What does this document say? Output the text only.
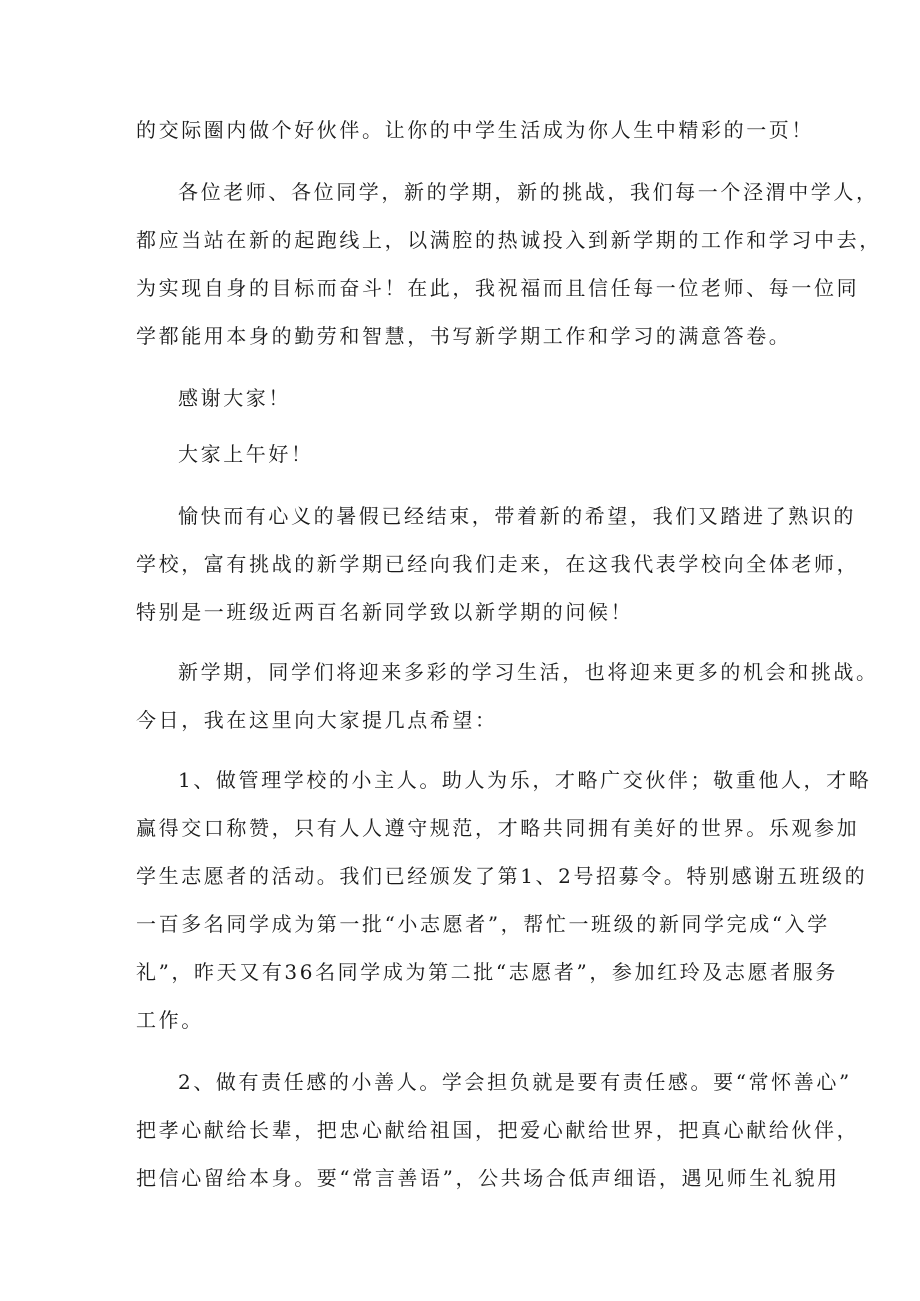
的交际圈内做个好伙伴。让你的中学生活成为你人生中精彩的一页！
各位老师、各位同学，新的学期，新的挑战，我们每一个泾渭中学人，
都应当站在新的起跑线上，以满腔的热诚投入到新学期的工作和学习中去，
为实现自身的目标而奋斗！在此，我祝福而且信任每一位老师、每一位同
学都能用本身的勤劳和智慧，书写新学期工作和学习的满意答卷。
感谢大家！
大家上午好！
愉快而有心义的暑假已经结束，带着新的希望，我们又踏进了熟识的
学校，富有挑战的新学期已经向我们走来，在这我代表学校向全体老师，
特别是一班级近两百名新同学致以新学期的问候！
新学期，同学们将迎来多彩的学习生活，也将迎来更多的机会和挑战。
今日，我在这里向大家提几点希望：
1、做管理学校的小主人。助人为乐，才略广交伙伴；敬重他人，才略
赢得交口称赞，只有人人遵守规范，才略共同拥有美好的世界。乐观参加
学生志愿者的活动。我们已经颁发了第1、2号招募令。特别感谢五班级的
一百多名同学成为第一批“小志愿者”，帮忙一班级的新同学完成“入学
礼”，昨天又有36名同学成为第二批“志愿者”，参加红玲及志愿者服务
工作。
2、做有责任感的小善人。学会担负就是要有责任感。要“常怀善心”
把孝心献给长辈，把忠心献给祖国，把爱心献给世界，把真心献给伙伴，
把信心留给本身。要“常言善语”，公共场合低声细语，遇见师生礼貌用
